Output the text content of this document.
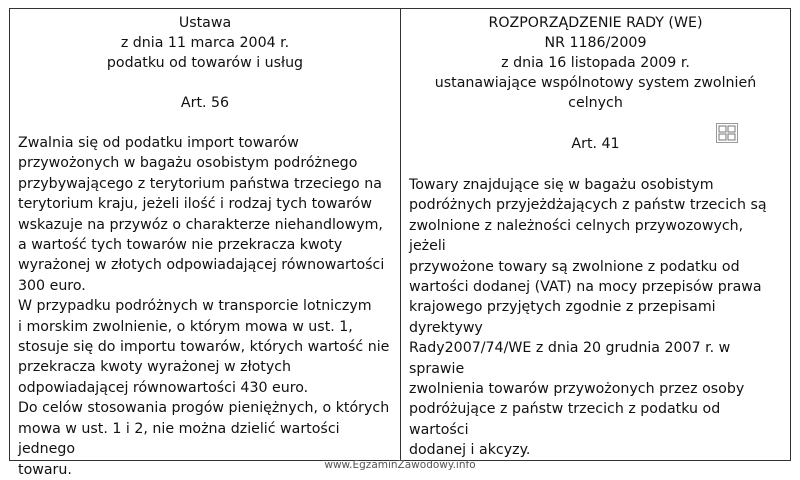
Ustawa
z dnia 11 marca 2004 r.
podatku od towarów i usług
Art. 56
Zwalnia się od podatku import towarów
przywożonych w bagażu osobistym podróżnego
przybywającego z terytorium państwa trzeciego na
terytorium kraju, jeżeli ilość i rodzaj tych towarów
wskazuje na przywóz o charakterze niehandlowym,
a wartość tych towarów nie przekracza kwoty
wyrażonej w złotych odpowiadającej równowartości
300 euro.
W przypadku podróżnych w transporcie lotniczym
i morskim zwolnienie, o którym mowa w ust. 1,
stosuje się do importu towarów, których wartość nie
przekracza kwoty wyrażonej w złotych
odpowiadającej równowartości 430 euro.
Do celów stosowania progów pieniężnych, o których
mowa w ust. 1 i 2, nie można dzielić wartości jednego
towaru.
ROZPORZĄDZENIE RADY (WE)
NR 1186/2009
z dnia 16 listopada 2009 r.
ustanawiające wspólnotowy system zwolnień celnych
Art. 41
Towary znajdujące się w bagażu osobistym
podróżnych przyjeżdżających z państw trzecich są
zwolnione z należności celnych przywozowych, jeżeli
przywożone towary są zwolnione z podatku od
wartości dodanej (VAT) na mocy przepisów prawa
krajowego przyjętych zgodnie z przepisami dyrektywy
Rady2007/74/WE z dnia 20 grudnia 2007 r. w sprawie
zwolnienia towarów przywożonych przez osoby
podróżujące z państw trzecich z podatku od wartości
dodanej i akcyzy.
www.EgzaminZawodowy.info
